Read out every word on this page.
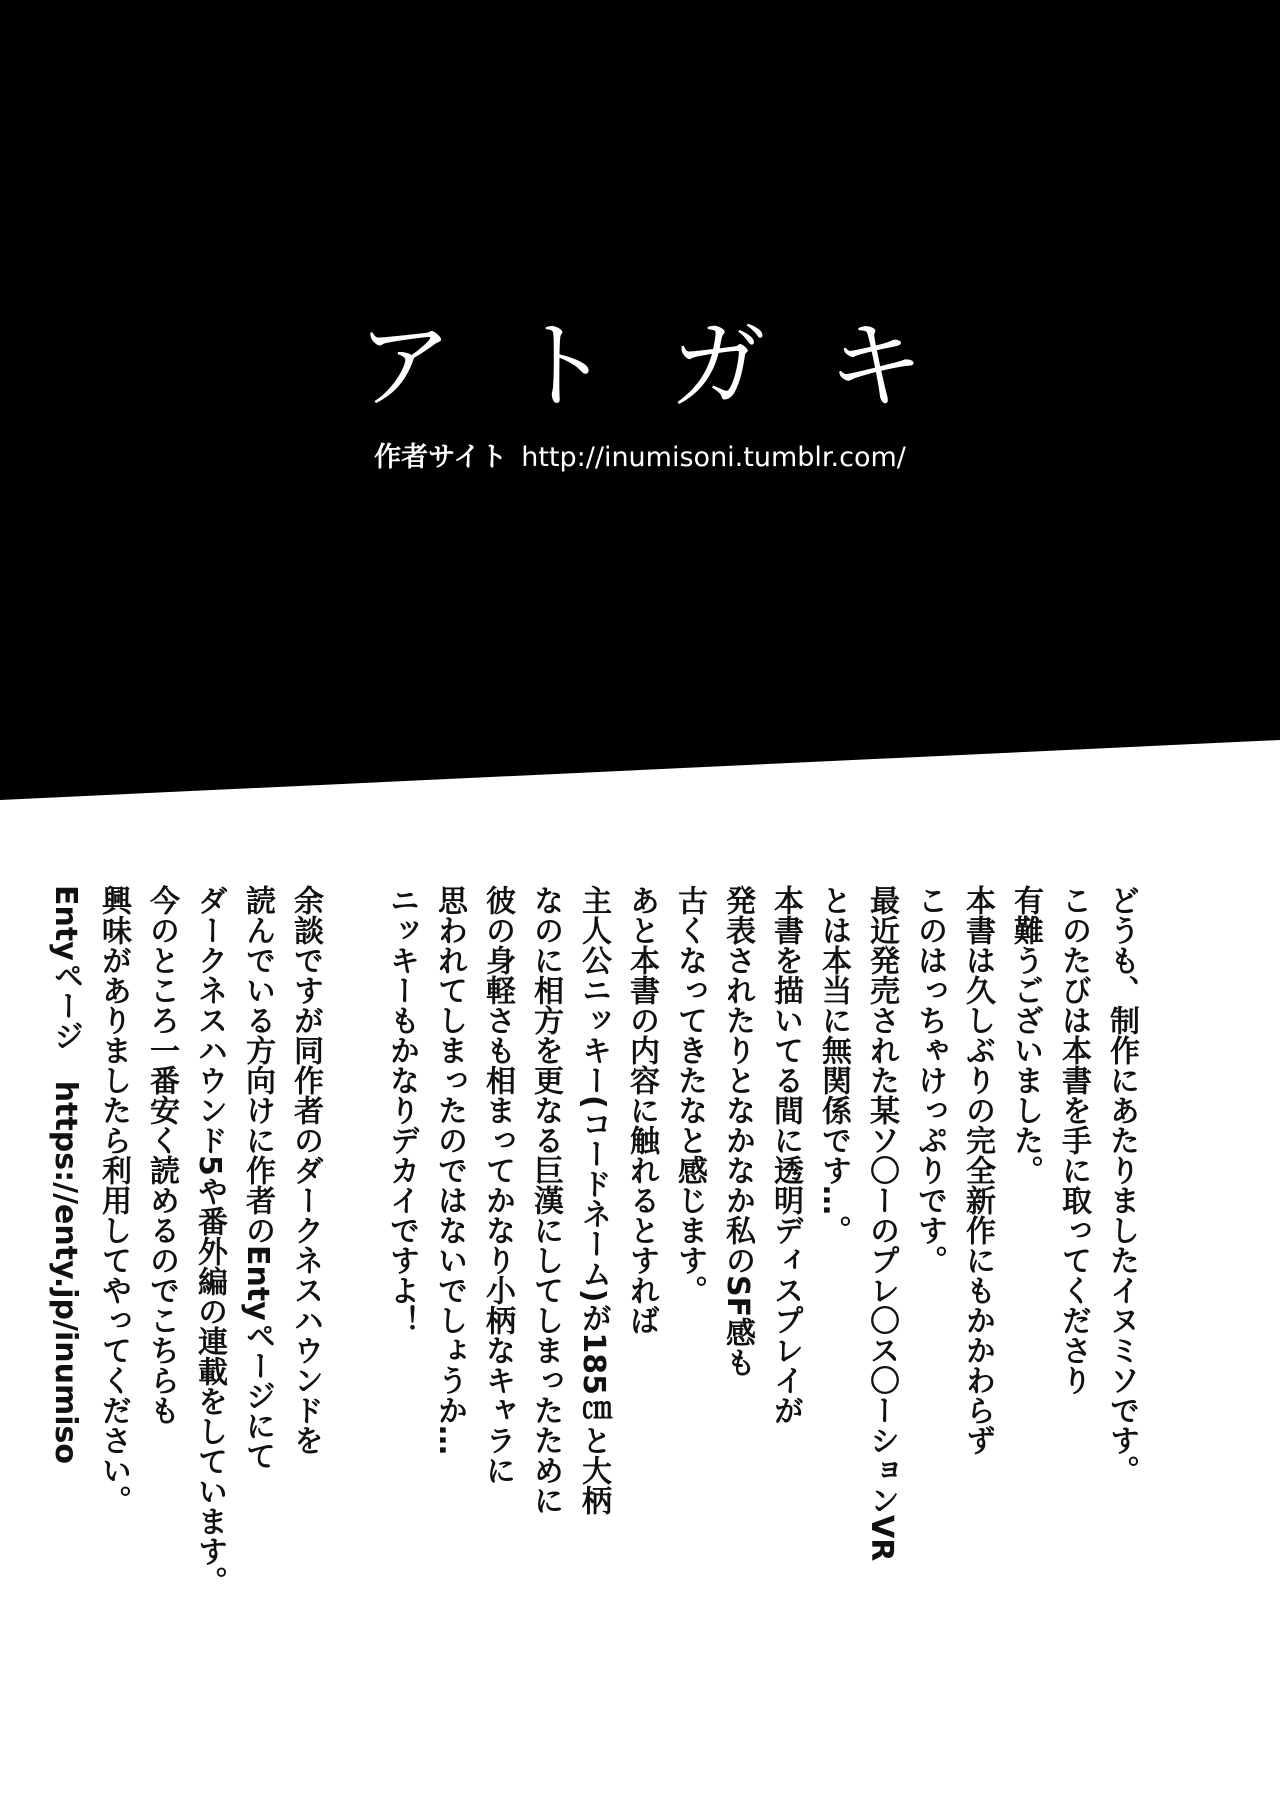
アトガキ
作者サイト http://inumisoni.tumblr.com/

どうも、制作にあたりましたイヌミソです。
このたびは本書を手に取ってくださり
有難うございました。
本書は久しぶりの完全新作にもかかわらず
このはっちゃけっぷりです。
最近発売された某ソ〇ーのプレ〇ス〇ーションVR
とは本当に無関係です…。
本書を描いてる間に透明ディスプレイが
発表されたりとなかなか私のSF感も
古くなってきたなと感じます。
あと本書の内容に触れるとすれば
主人公ニッキー(コードネーム)が185㎝と大柄
なのに相方を更なる巨漢にしてしまったために
彼の身軽さも相まってかなり小柄なキャラに
思われてしまったのではないでしょうか…
ニッキーもかなりデカイですよ！

余談ですが同作者のダークネスハウンドを
読んでいる方向けに作者のEntyページにて
ダークネスハウンド5や番外編の連載をしています。
今のところ一番安く読めるのでこちらも
興味がありましたら利用してやってください。
Entyページ　https://enty.jp/inumiso
